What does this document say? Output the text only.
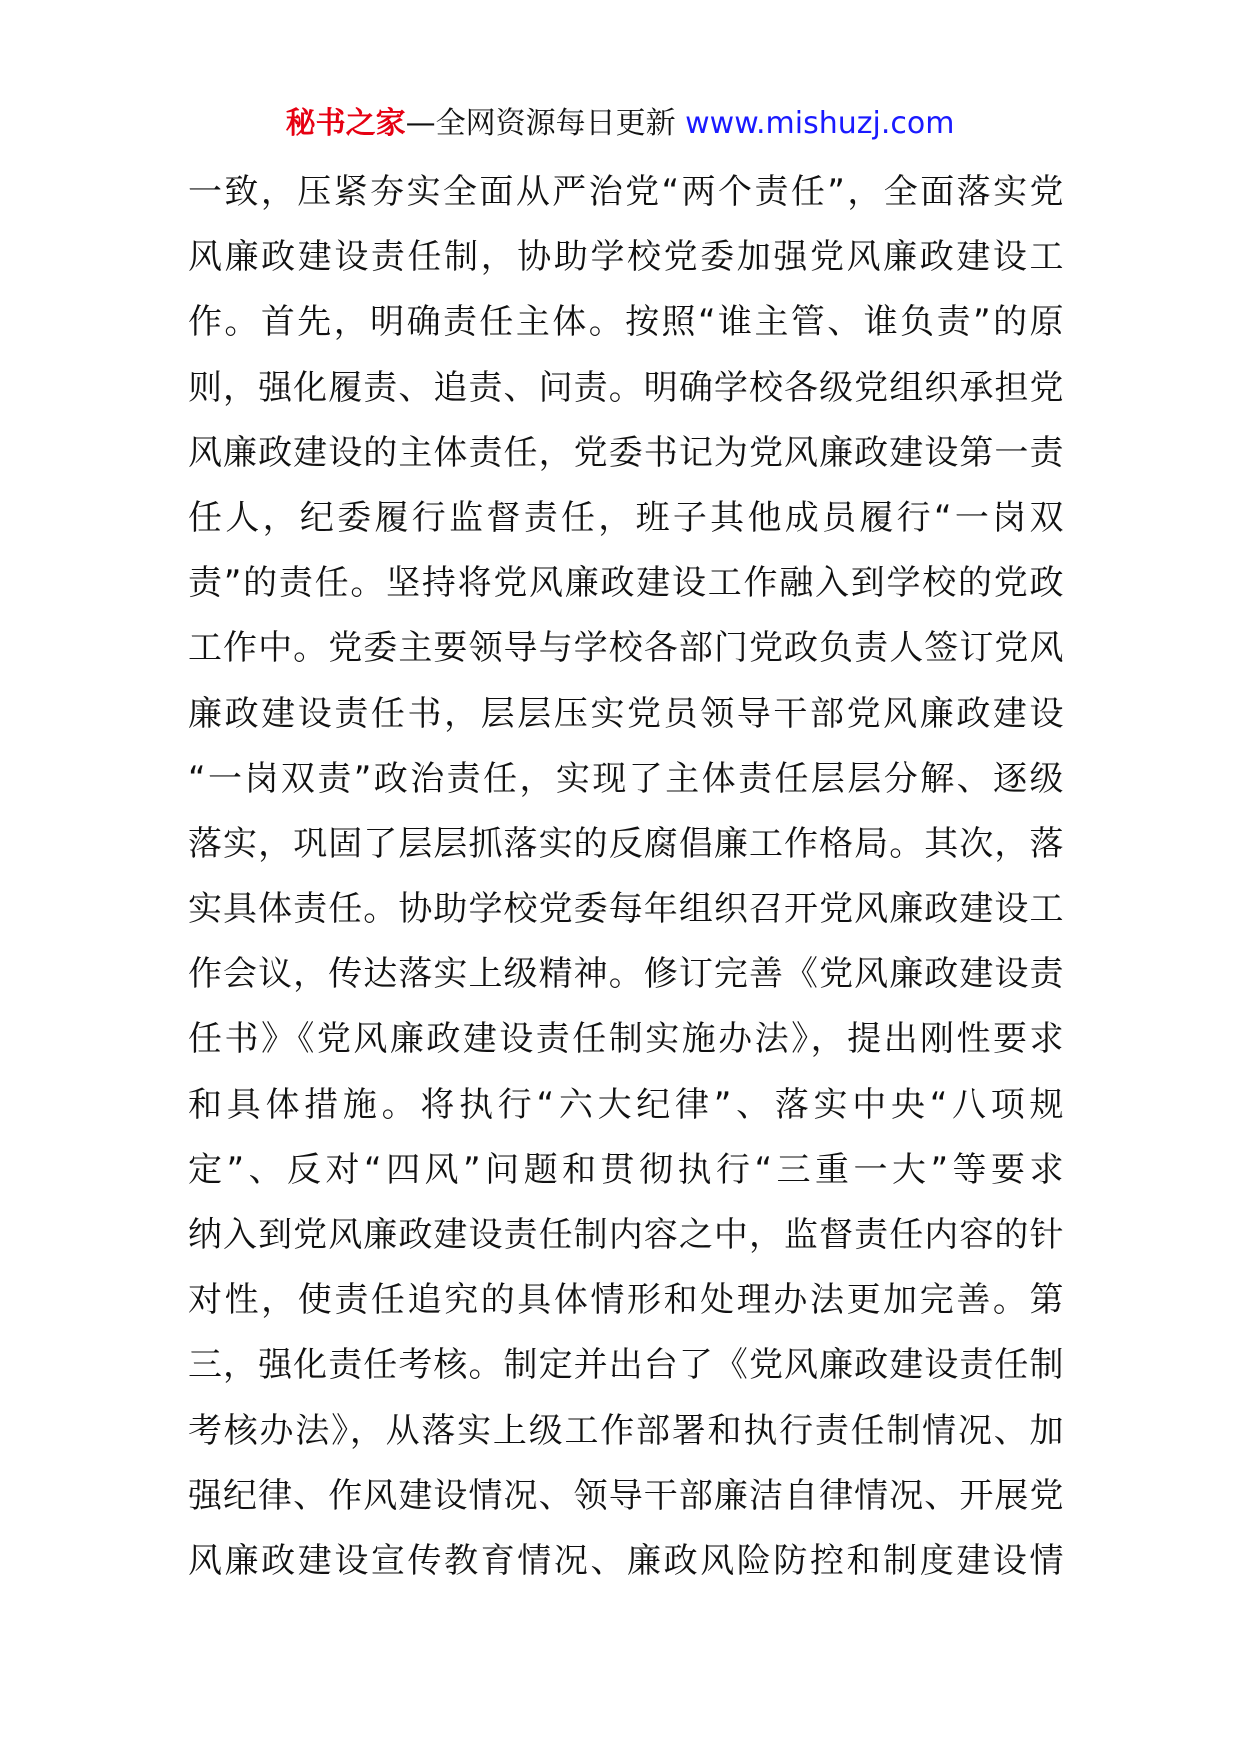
秘书之家—全网资源每日更新 www.mishuzj.com
一致，压紧夯实全面从严治党“两个责任”，全面落实党
风廉政建设责任制，协助学校党委加强党风廉政建设工
作。首先，明确责任主体。按照“谁主管、谁负责”的原
则，强化履责、追责、问责。明确学校各级党组织承担党
风廉政建设的主体责任，党委书记为党风廉政建设第一责
任人，纪委履行监督责任，班子其他成员履行“一岗双
责”的责任。坚持将党风廉政建设工作融入到学校的党政
工作中。党委主要领导与学校各部门党政负责人签订党风
廉政建设责任书，层层压实党员领导干部党风廉政建设
“一岗双责”政治责任，实现了主体责任层层分解、逐级
落实，巩固了层层抓落实的反腐倡廉工作格局。其次，落
实具体责任。协助学校党委每年组织召开党风廉政建设工
作会议，传达落实上级精神。修订完善《党风廉政建设责
任书》《党风廉政建设责任制实施办法》，提出刚性要求
和具体措施。将执行“六大纪律”、落实中央“八项规
定”、反对“四风”问题和贯彻执行“三重一大”等要求
纳入到党风廉政建设责任制内容之中，监督责任内容的针
对性，使责任追究的具体情形和处理办法更加完善。第
三，强化责任考核。制定并出台了《党风廉政建设责任制
考核办法》，从落实上级工作部署和执行责任制情况、加
强纪律、作风建设情况、领导干部廉洁自律情况、开展党
风廉政建设宣传教育情况、廉政风险防控和制度建设情
